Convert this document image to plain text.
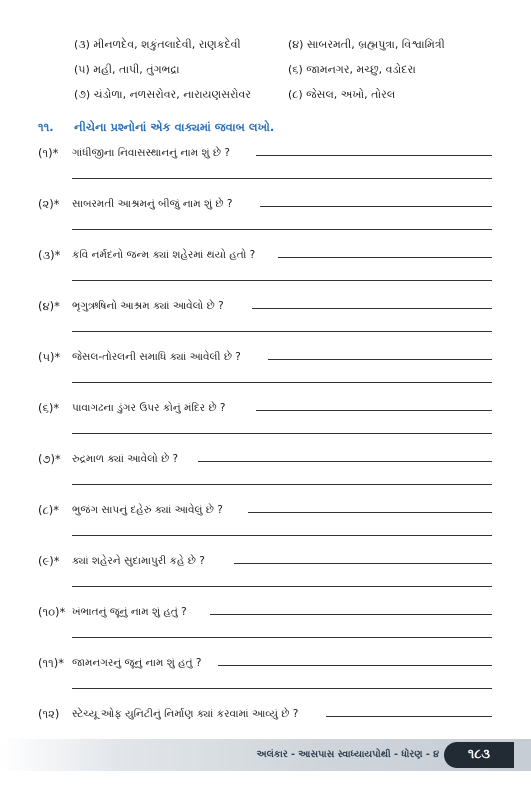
(૩) મીનળદેવ, શકુંતલાદેવી, રાણકદેવી	(૪) સાબરમતી, બ્રહ્મપુત્રા, વિશ્વામિત્રી
(૫) મહી, તાપી, તુંગભદ્રા	(૬) જામનગર, મચ્છુ, વડોદરા
(૭) ચંડોળા, નળસરોવર, નારાયણસરોવર	(૮) જેસલ, અખો, તોરલ
૧૧. નીચેના પ્રશ્નોનાં એક વાક્યમાં જવાબ લખો.
(૧)* ગાંધીજીના નિવાસસ્થાનનું નામ શું છે ?
(૨)* સાબરમતી આશ્રમનું બીજું નામ શું છે ?
(૩)* કવિ નર્મદનો જન્મ ક્યાં શહેરમાં થયો હતો ?
(૪)* ભૃગુઋષિનો આશ્રમ ક્યાં આવેલો છે ?
(૫)* જેસલ-તોરલની સમાધિ ક્યાં આવેલી છે ?
(૬)* પાવાગઢના ડુંગર ઉપર કોનું મંદિર છે ?
(૭)* રુદ્રમાળ ક્યાં આવેલો છે ?
(૮)* ભુજંગ સાપનું દહેરું ક્યાં આવેલું છે ?
(૯)* ક્યાં શહેરને સુદામાપુરી કહે છે ?
(૧૦)* ખંભાતનું જૂનું નામ શું હતું ?
(૧૧)* જામનગરનું જૂનું નામ શું હતું ?
(૧૨) સ્ટેચ્યૂ ઓફ યુનિટીનું નિર્માણ ક્યાં કરવામાં આવ્યું છે ?
અલંકાર - આસપાસ સ્વાધ્યાયપોથી - ધોરણ - ૪	૧૮૩
